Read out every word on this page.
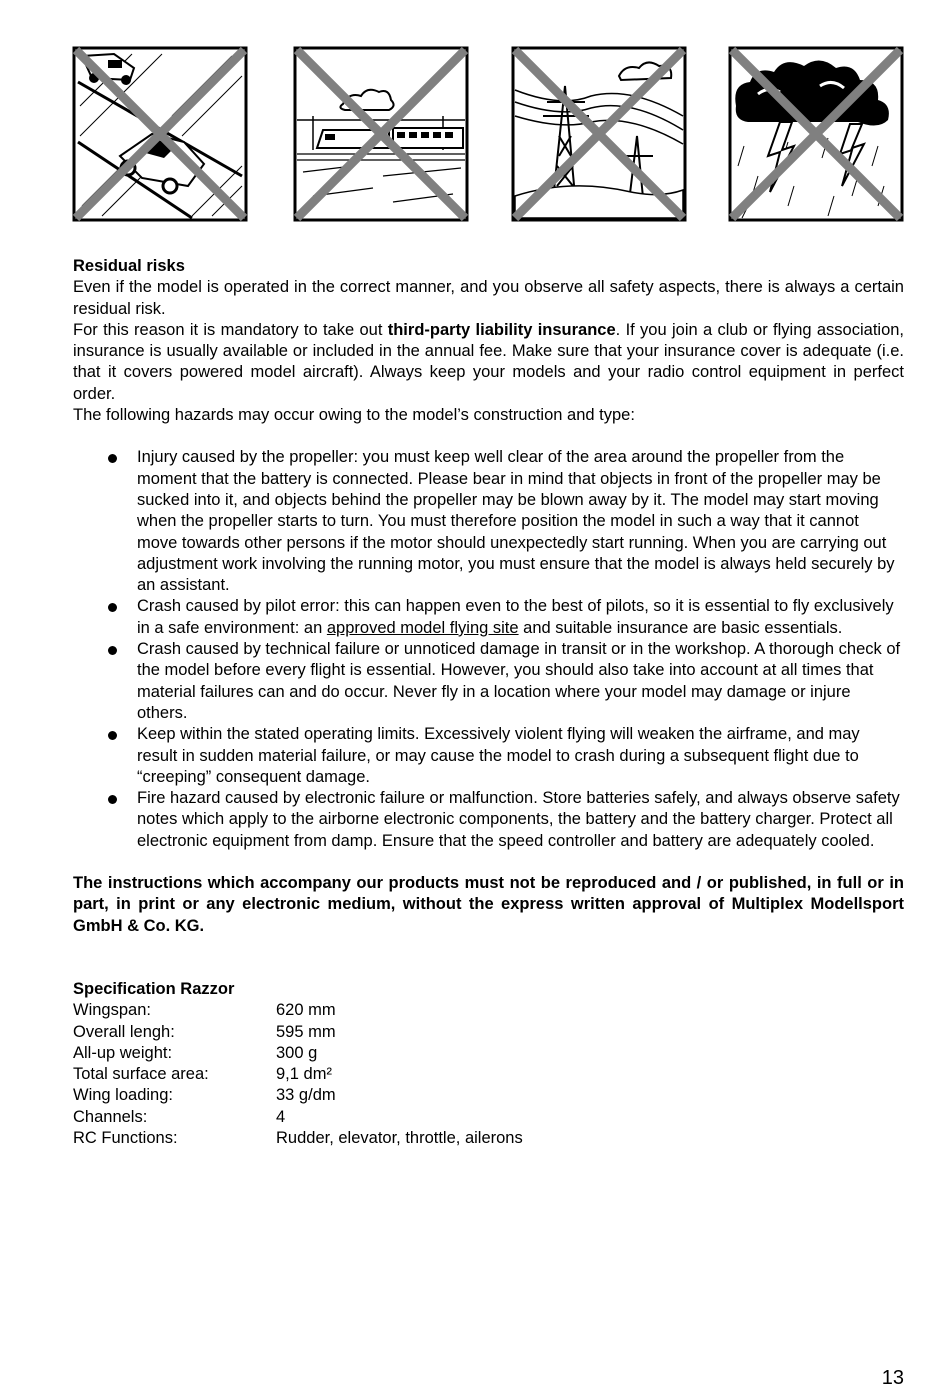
Residual risks

Even if the model is operated in the correct manner, and you observe all safety aspects, there is always a certain residual risk.

For this reason it is mandatory to take out third-party liability insurance. If you join a club or flying association, insurance is usually available or included in the annual fee. Make sure that your insurance cover is adequate (i.e. that it covers powered model aircraft). Always keep your models and your radio control equipment in perfect order.

The following hazards may occur owing to the model’s construction and type:

Injury caused by the propeller: you must keep well clear of the area around the propeller from the moment that the battery is connected. Please bear in mind that objects in front of the propeller may be sucked into it, and objects behind the propeller may be blown away by it. The model may start moving when the propeller starts to turn. You must therefore position the model in such a way that it cannot move towards other persons if the motor should unexpectedly start running. When you are carrying out adjustment work involving the running motor, you must ensure that the model is always held securely by an assistant.
Crash caused by pilot error: this can happen even to the best of pilots, so it is essential to fly exclusively in a safe environment: an approved model flying site and suitable insurance are basic essentials.
Crash caused by technical failure or unnoticed damage in transit or in the workshop. A thorough check of the model before every flight is essential. However, you should also take into account at all times that material failures can and do occur. Never fly in a location where your model may damage or injure others.
Keep within the stated operating limits. Excessively violent flying will weaken the airframe, and may result in sudden material failure, or may cause the model to crash during a subsequent flight due to “creeping” consequent damage.
Fire hazard caused by electronic failure or malfunction. Store batteries safely, and always observe safety notes which apply to the airborne electronic components, the battery and the battery charger. Protect all electronic equipment from damp. Ensure that the speed controller and battery are adequately cooled.

The instructions which accompany our products must not be reproduced and / or published, in full or in part, in print or any electronic medium, without the express written approval of Multiplex Modellsport GmbH & Co. KG.

Specification Razzor

Wingspan:	620 mm
Overall lengh:	595 mm
All-up weight:	300 g
Total surface area:	9,1 dm²
Wing loading:	33 g/dm
Channels:	4
RC Functions:	Rudder, elevator, throttle, ailerons
13
